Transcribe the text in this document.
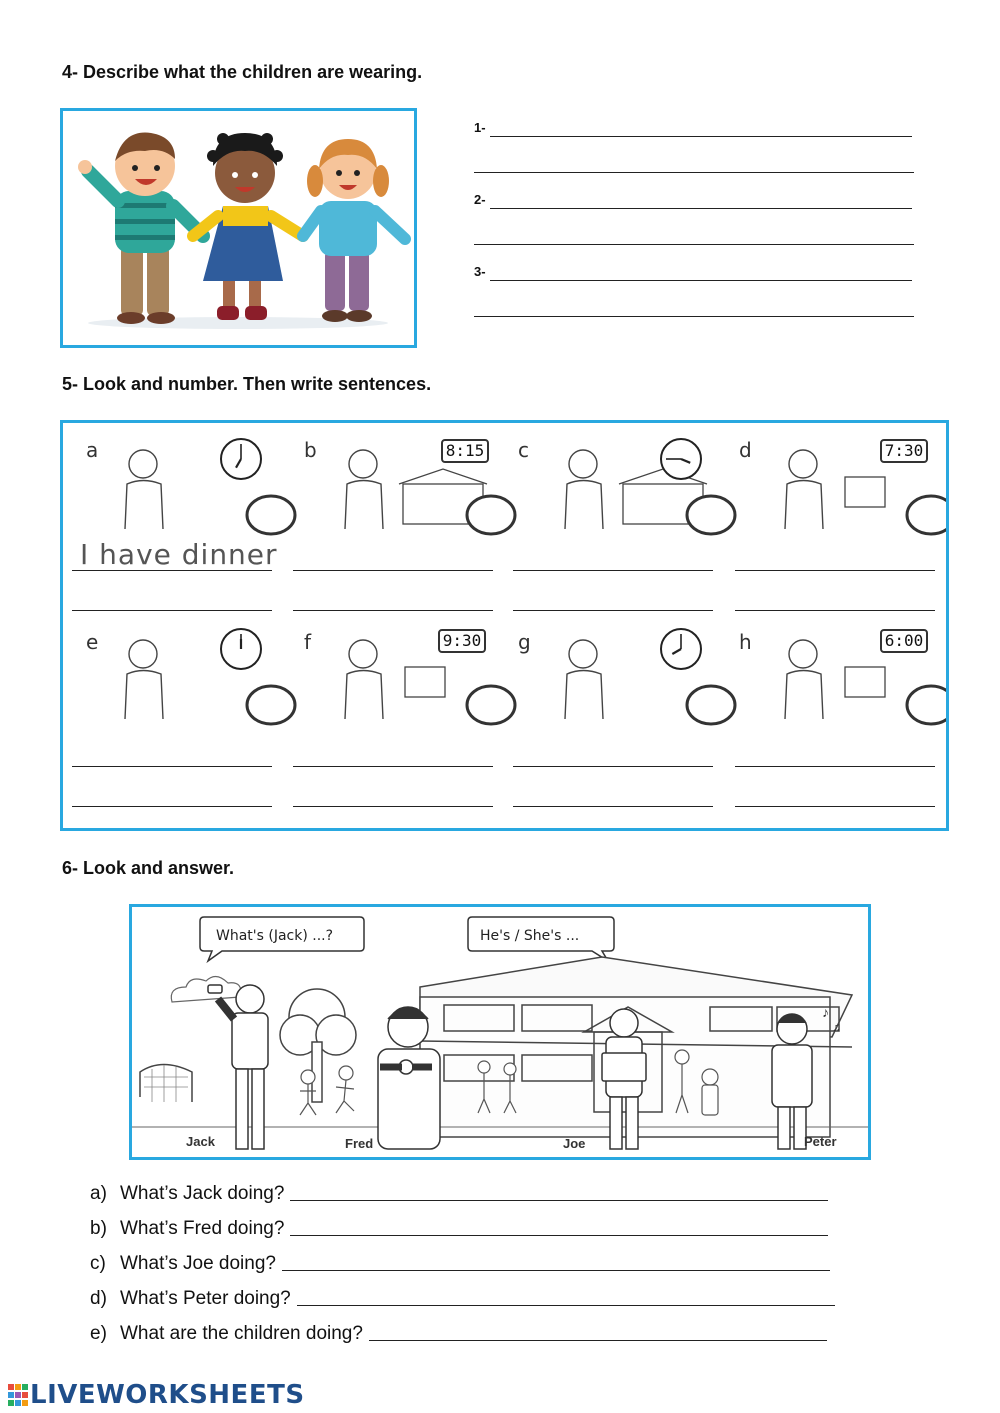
4- Describe what the children are wearing.
1-
2-
3-
5- Look and number. Then write sentences.
a	b	c	d
e	f	g	h
8:15	7:30
9:30	6:00
I have dinner
6- Look and answer.
What's (Jack) ...?	He's / She's ...
♪
♫
Jack	Fred	Joe	Peter
a) What’s Jack doing?
b) What’s Fred doing?
c) What’s Joe doing?
d) What’s Peter doing?
e) What are the children doing?
LIVEWORKSHEETS
